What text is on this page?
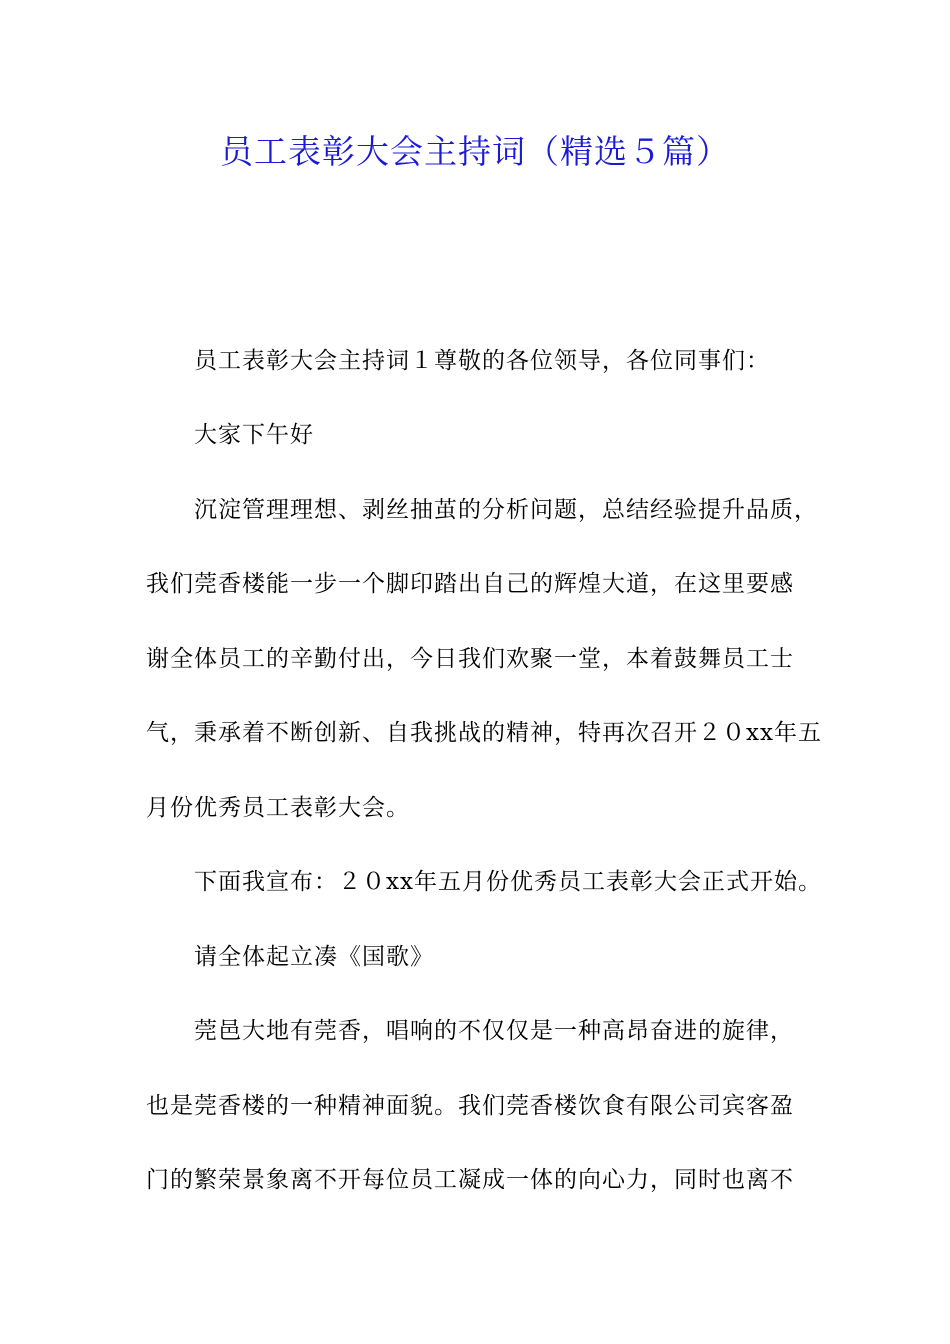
员工表彰大会主持词（精选５篇）
员工表彰大会主持词１尊敬的各位领导，各位同事们：
大家下午好
沉淀管理理想、剥丝抽茧的分析问题，总结经验提升品质，
我们莞香楼能一步一个脚印踏出自己的辉煌大道，在这里要感
谢全体员工的辛勤付出，今日我们欢聚一堂，本着鼓舞员工士
气，秉承着不断创新、自我挑战的精神，特再次召开２０xx年五
月份优秀员工表彰大会。
下面我宣布：２０xx年五月份优秀员工表彰大会正式开始。
请全体起立凑《国歌》
莞邑大地有莞香，唱响的不仅仅是一种高昂奋进的旋律，
也是莞香楼的一种精神面貌。我们莞香楼饮食有限公司宾客盈
门的繁荣景象离不开每位员工凝成一体的向心力，同时也离不
